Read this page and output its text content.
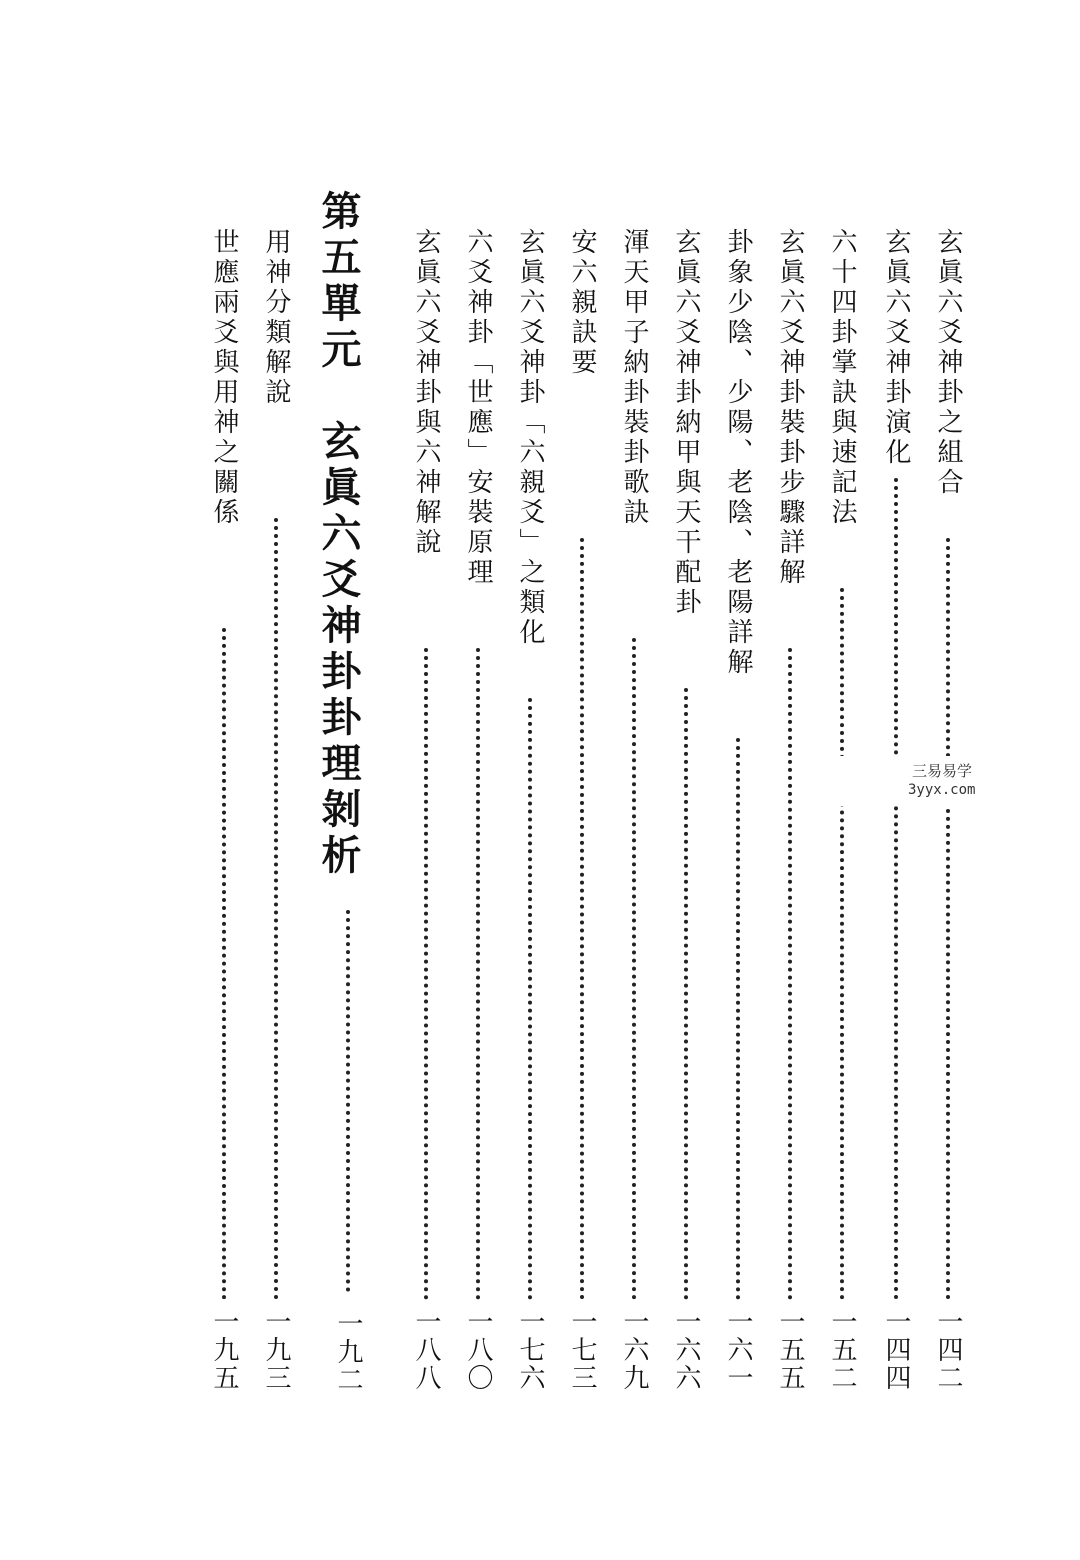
玄眞六爻神卦之組合
一四二
玄眞六爻神卦演化
一四四
六十四卦掌訣與速記法
一五二
玄眞六爻神卦裝卦步驟詳解
一五五
卦象少陰、少陽、老陰、老陽詳解
一六一
玄眞六爻神卦納甲與天干配卦
一六六
渾天甲子納卦裝卦歌訣
一六九
安六親訣要
一七三
玄眞六爻神卦「六親爻」之類化
一七六
六爻神卦「世應」安裝原理
一八〇
玄眞六爻神卦與六神解說
一八八
第五單元
玄眞六爻神卦卦理剝析
一九二
用神分類解說
一九三
世應兩爻與用神之關係
一九五
三易易学
3yyx.com
